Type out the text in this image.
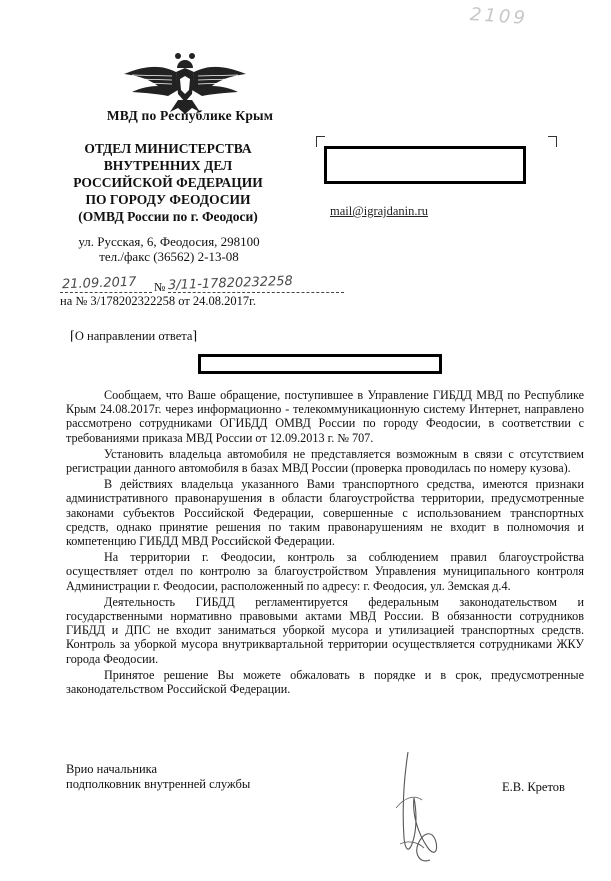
2109
МВД по Республике Крым
ОТДЕЛ МИНИСТЕРСТВА
ВНУТРЕННИХ ДЕЛ
РОССИЙСКОЙ ФЕДЕРАЦИИ
ПО ГОРОДУ ФЕОДОСИИ
(ОМВД России по г. Феодоси)
ул. Русская, 6, Феодосия, 298100
тел./факс (36562) 2-13-08
21.09.2017 № 3/11-17820232258
на № 3/178202322258 от 24.08.2017г.
⌈О направлении ответа⌉
mail@igrajdanin.ru

Сообщаем, что Ваше обращение, поступившее в Управление ГИБДД МВД по Республике Крым 24.08.2017г. через информационно - телекоммуникационную систему Интернет, направлено рассмотрено сотрудниками ОГИБДД ОМВД России по городу Феодосии, в соответствии с требованиями приказа МВД России от 12.09.2013 г. № 707.

Установить владельца автомобиля не представляется возможным в связи с отсутствием регистрации данного автомобиля в базах МВД России (проверка проводилась по номеру кузова).

В действиях владельца указанного Вами транспортного средства, имеются признаки административного правонарушения в области благоустройства территории, предусмотренные законами субъектов Российской Федерации, совершенные с использованием транспортных средств, однако принятие решения по таким правонарушениям не входит в полномочия и компетенцию ГИБДД МВД Российской Федерации.

На территории г. Феодосии, контроль за соблюдением правил благоустройства осуществляет отдел по контролю за благоустройством Управления муниципального контроля Администрации г. Феодосии, расположенный по адресу: г. Феодосия, ул. Земская д.4.

Деятельность ГИБДД регламентируется федеральным законодательством и государственными нормативно правовыми актами МВД России. В обязанности сотрудников ГИБДД и ДПС не входит заниматься уборкой мусора и утилизацией транспортных средств. Контроль за уборкой мусора внутриквартальной территории осуществляется сотрудниками ЖКУ города Феодосии.

Принятое решение Вы можете обжаловать в порядке и в срок, предусмотренные законодательством Российской Федерации.

Врио начальника
подполковник внутренней службы	Е.В. Кретов
